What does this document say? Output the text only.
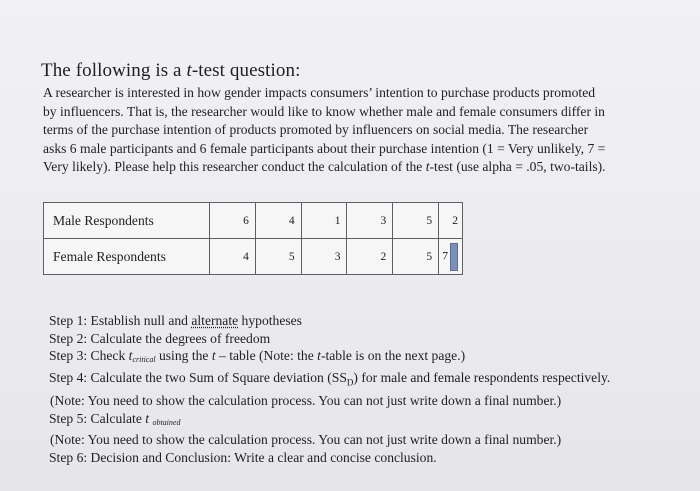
The following is a t-test question:
A researcher is interested in how gender impacts consumers’ intention to purchase products promoted
by influencers. That is, the researcher would like to know whether male and female consumers differ in
terms of the purchase intention of products promoted by influencers on social media. The researcher
asks 6 male participants and 6 female participants about their purchase intention (1 = Very unlikely, 7 =
Very likely). Please help this researcher conduct the calculation of the t-test (use alpha = .05, two-tails).
Male Respondents	6	4	1	3	5	2
Female Respondents	4	5	3	2	5	7
Step 1: Establish null and alternate hypotheses
Step 2: Calculate the degrees of freedom
Step 3: Check $t_{critical}$ using the t – table (Note: the t-table is on the next page.)
Step 4: Calculate the two Sum of Square deviation $(SS_D)$ for male and female respondents respectively.
(Note: You need to show the calculation process. You can not just write down a final number.)
Step 5: Calculate t $_{obtained}$
(Note: You need to show the calculation process. You can not just write down a final number.)
Step 6: Decision and Conclusion: Write a clear and concise conclusion.
